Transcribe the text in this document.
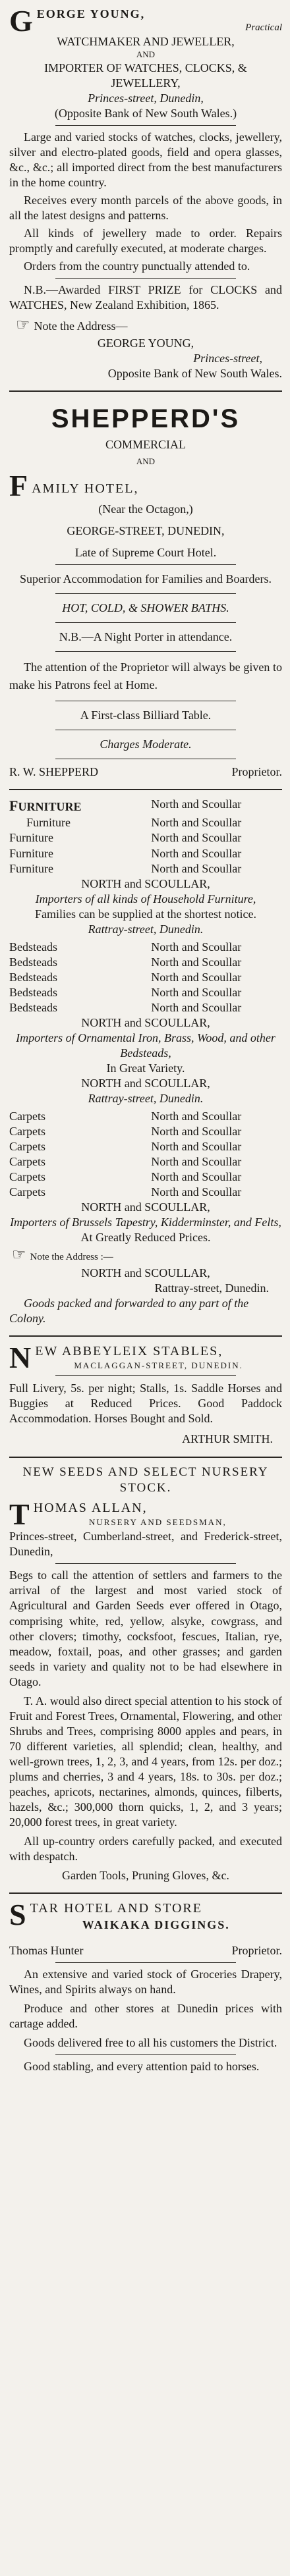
G EORGE YOUNG,
Practical
WATCHMAKER AND JEWELLER,
AND
IMPORTER OF WATCHES, CLOCKS, & JEWELLERY,
Princes-street, Dunedin,
(Opposite Bank of New South Wales.)

Large and varied stocks of watches, clocks, jewellery, silver and electro-plated goods, field and opera glasses, &c., &c.; all imported direct from the best manufacturers in the home country.

Receives every month parcels of the above goods, in all the latest designs and patterns.

All kinds of jewellery made to order. Repairs promptly and carefully executed, at moderate charges.

Orders from the country punctually attended to.

N.B.—Awarded FIRST PRIZE for CLOCKS and WATCHES, New Zealand Exhibition, 1865.

☞ Note the Address—
GEORGE YOUNG,
Princes-street,
Opposite Bank of New South Wales.
SHEPPERD'S
COMMERCIAL
AND
F AMILY HOTEL,
(Near the Octagon,)
GEORGE-STREET, DUNEDIN,
Late of Supreme Court Hotel.

Superior Accommodation for Families and Boarders.

HOT, COLD, & SHOWER BATHS.

N.B.—A Night Porter in attendance.

The attention of the Proprietor will always be given to make his Patrons feel at Home.

A First-class Billiard Table.

Charges Moderate.

R. W. SHEPPERD	Proprietor.
FURNITURE	North and Scoullar
Furniture	North and Scoullar
Furniture	North and Scoullar
Furniture	North and Scoullar
Furniture	North and Scoullar
NORTH and SCOULLAR,
Importers of all kinds of Household Furniture,
Families can be supplied at the shortest notice.
Rattray-street, Dunedin.
Bedsteads	North and Scoullar
Bedsteads	North and Scoullar
Bedsteads	North and Scoullar
Bedsteads	North and Scoullar
Bedsteads	North and Scoullar
NORTH and SCOULLAR,
Importers of Ornamental Iron, Brass, Wood, and other Bedsteads,
In Great Variety.
NORTH and SCOULLAR,
Rattray-street, Dunedin.
Carpets	North and Scoullar
Carpets	North and Scoullar
Carpets	North and Scoullar
Carpets	North and Scoullar
Carpets	North and Scoullar
Carpets	North and Scoullar
NORTH and SCOULLAR,
Importers of Brussels Tapestry, Kidderminster, and Felts,
At Greatly Reduced Prices.
☞ Note the Address :—
NORTH and SCOULLAR,
Rattray-street, Dunedin.
Goods packed and forwarded to any part of the Colony.
N EW ABBEYLEIX STABLES,
MACLAGGAN-STREET, DUNEDIN.

Full Livery, 5s. per night; Stalls, 1s. Saddle Horses and Buggies at Reduced Prices. Good Paddock Accommodation. Horses Bought and Sold.

ARTHUR SMITH.
NEW SEEDS AND SELECT NURSERY STOCK.
T HOMAS ALLAN,
NURSERY AND SEEDSMAN,
Princes-street, Cumberland-street, and Frederick-street, Dunedin,

Begs to call the attention of settlers and farmers to the arrival of the largest and most varied stock of Agricultural and Garden Seeds ever offered in Otago, comprising white, red, yellow, alsyke, cowgrass, and other clovers; timothy, cocksfoot, fescues, Italian, rye, meadow, foxtail, poas, and other grasses; and garden seeds in variety and quality not to be had elsewhere in Otago.

T. A. would also direct special attention to his stock of Fruit and Forest Trees, Ornamental, Flowering, and other Shrubs and Trees, comprising 8000 apples and pears, in 70 different varieties, all splendid; clean, healthy, and well-grown trees, 1, 2, 3, and 4 years, from 12s. per doz.; plums and cherries, 3 and 4 years, 18s. to 30s. per doz.; peaches, apricots, nectarines, almonds, quinces, filberts, hazels, &c.; 300,000 thorn quicks, 1, 2, and 3 years; 20,000 forest trees, in great variety.

All up-country orders carefully packed, and executed with despatch.

Garden Tools, Pruning Gloves, &c.
S TAR HOTEL AND STORE
WAIKAKA DIGGINGS.
Thomas Hunter	Proprietor.

An extensive and varied stock of Groceries Drapery, Wines, and Spirits always on hand.

Produce and other stores at Dunedin prices with cartage added.

Goods delivered free to all his customers the District.

Good stabling, and every attention paid to horses.
